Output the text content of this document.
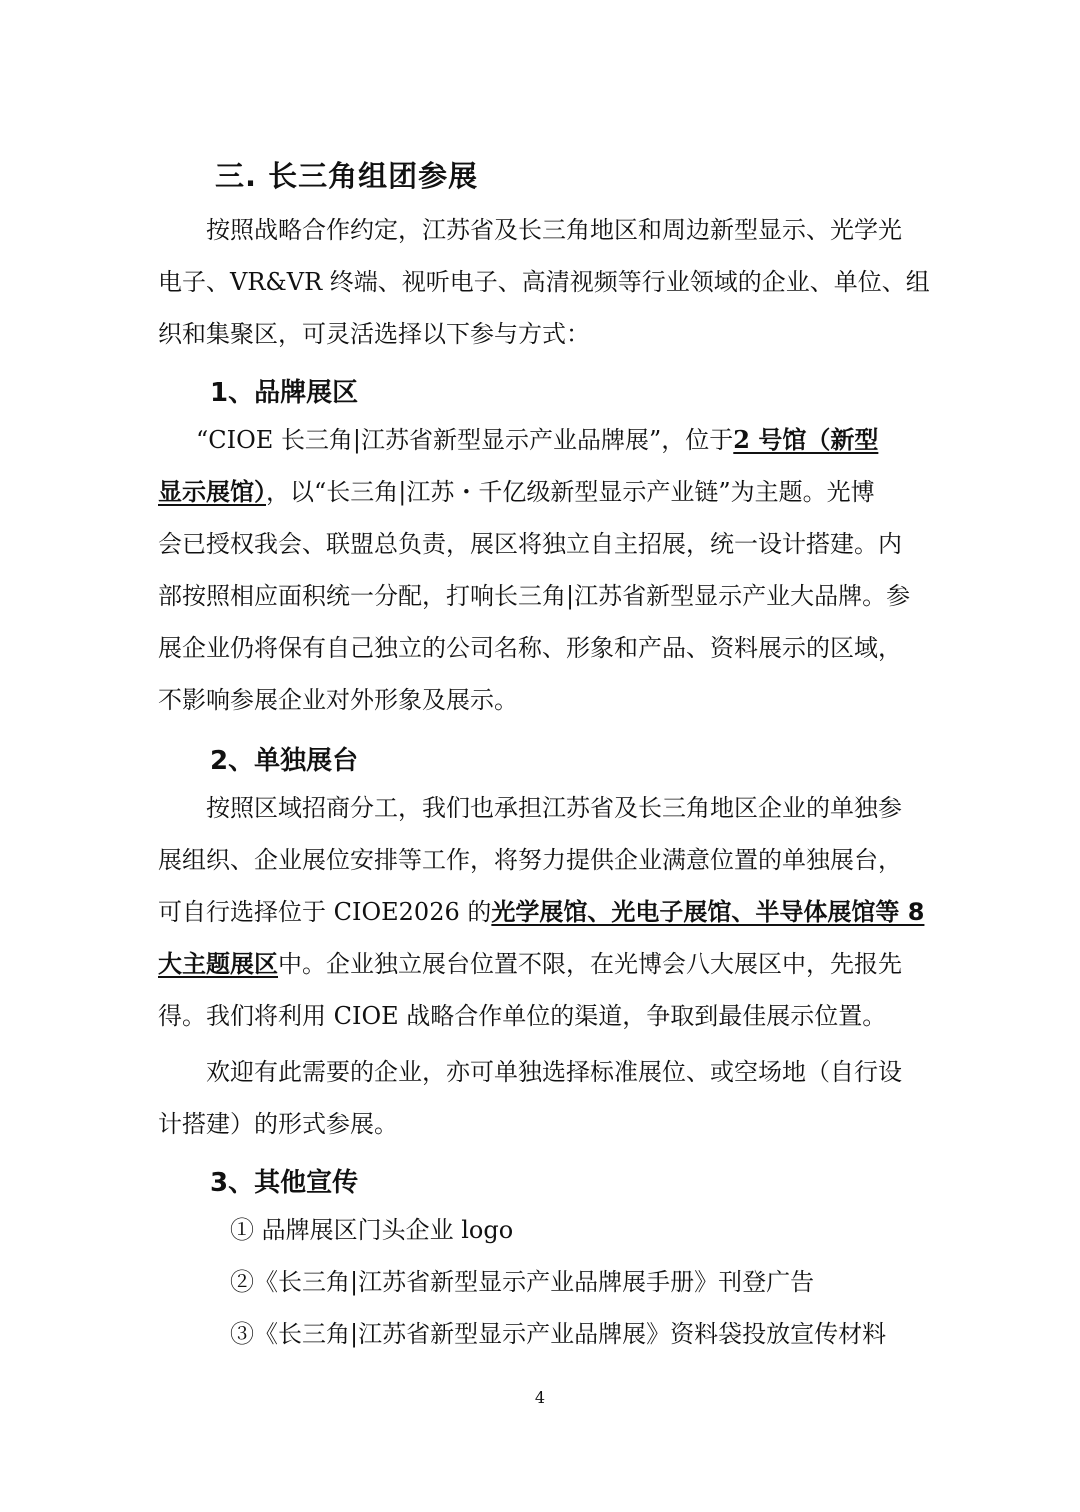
三. 长三角组团参展
按照战略合作约定，江苏省及长三角地区和周边新型显示、光学光
电子、VR&VR 终端、视听电子、高清视频等行业领域的企业、单位、组
织和集聚区，可灵活选择以下参与方式：
1、品牌展区
“CIOE 长三角|江苏省新型显示产业品牌展”，位于2 号馆（新型
显示展馆），以“长三角|江苏・千亿级新型显示产业链”为主题。光博
会已授权我会、联盟总负责，展区将独立自主招展，统一设计搭建。内
部按照相应面积统一分配，打响长三角|江苏省新型显示产业大品牌。参
展企业仍将保有自己独立的公司名称、形象和产品、资料展示的区域，
不影响参展企业对外形象及展示。
2、单独展台
按照区域招商分工，我们也承担江苏省及长三角地区企业的单独参
展组织、企业展位安排等工作，将努力提供企业满意位置的单独展台，
可自行选择位于 CIOE2026 的光学展馆、光电子展馆、半导体展馆等 8
大主题展区中。企业独立展台位置不限，在光博会八大展区中，先报先
得。我们将利用 CIOE 战略合作单位的渠道，争取到最佳展示位置。
欢迎有此需要的企业，亦可单独选择标准展位、或空场地（自行设
计搭建）的形式参展。
3、其他宣传
① 品牌展区门头企业 logo
②《长三角|江苏省新型显示产业品牌展手册》刊登广告
③《长三角|江苏省新型显示产业品牌展》资料袋投放宣传材料
4
